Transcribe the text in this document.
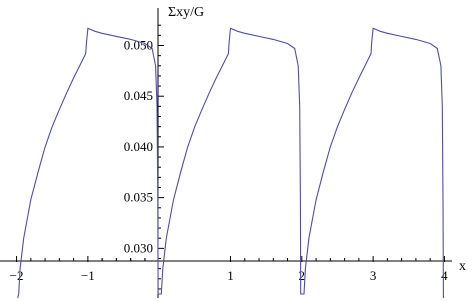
−2	−1	1	2	3	4
0.030
0.035
0.040
0.045
0.050
x
Σxy/G
